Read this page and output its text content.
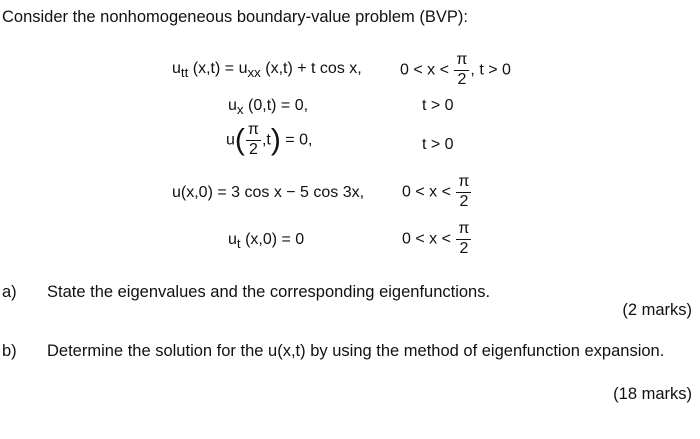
Consider the nonhomogeneous boundary-value problem (BVP):
$u_{tt}$ $(x,t) = u_{xx}$ (x,t) + t cos x, $0 < x < \frac{\pi}{2}$ , t > 0
$u_x$ (0,t) = 0,	t > 0
$u( \frac{\pi}{2} ,t) = 0$,	t > 0
u(x,0) = 3 cos x − 5 cos 3x, $0 < x < \frac{\pi}{2}$
$u_t$ (x,0) = 0	$0 < x < \frac{\pi}{2}$
a) State the eigenvalues and the corresponding eigenfunctions.
(2 marks)
b) Determine the solution for the u(x,t) by using the method of eigenfunction expansion.
(18 marks)
